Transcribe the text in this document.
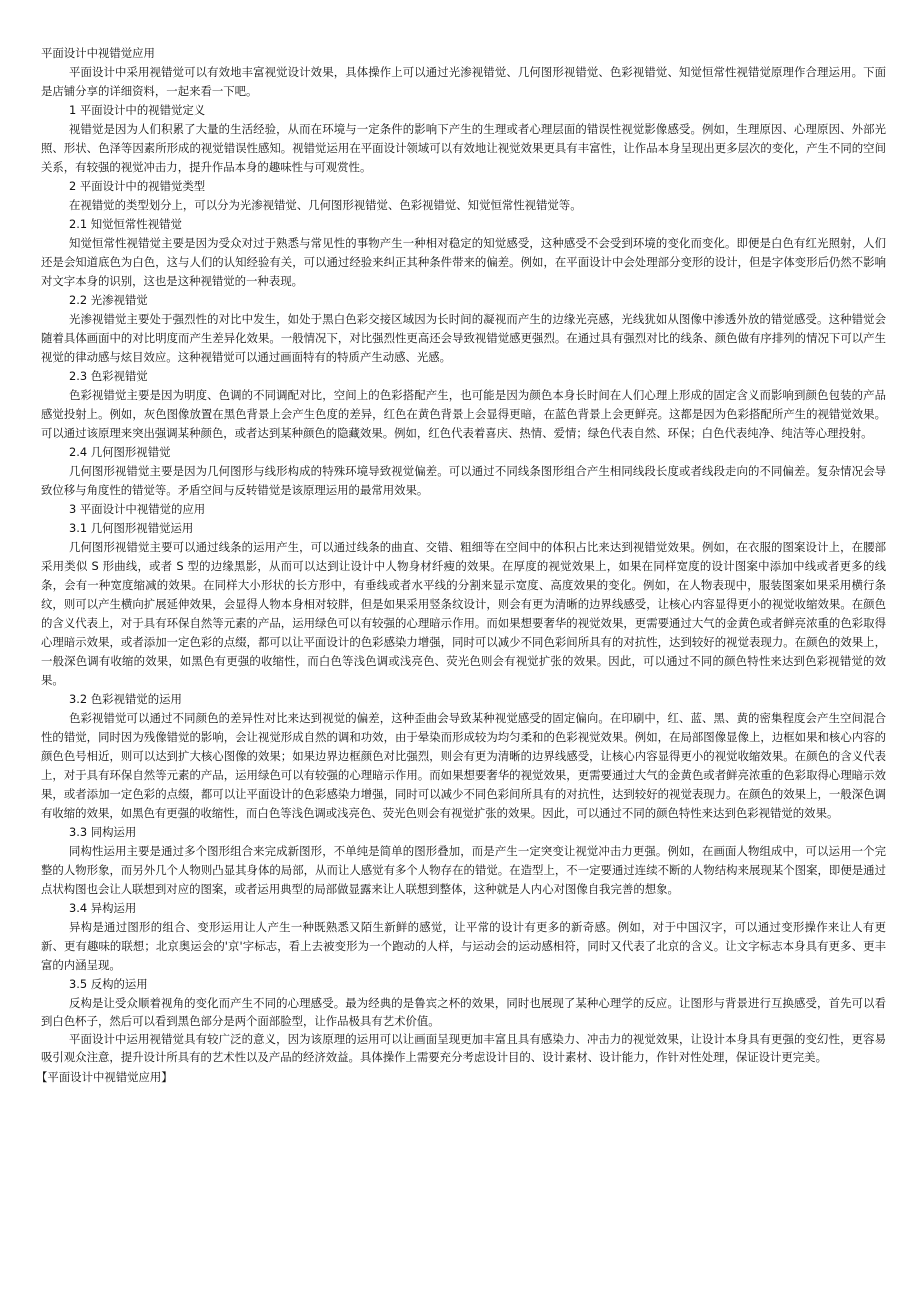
平面设计中视错觉应用

平面设计中采用视错觉可以有效地丰富视觉设计效果，具体操作上可以通过光渗视错觉、几何图形视错觉、色彩视错觉、知觉恒常性视错觉原理作合理运用。下面是店铺分享的详细资料，一起来看一下吧。

1 平面设计中的视错觉定义

视错觉是因为人们积累了大量的生活经验，从而在环境与一定条件的影响下产生的生理或者心理层面的错误性视觉影像感受。例如，生理原因、心理原因、外部光照、形状、色泽等因素所形成的视觉错误性感知。视错觉运用在平面设计领域可以有效地让视觉效果更具有丰富性，让作品本身呈现出更多层次的变化，产生不同的空间关系，有较强的视觉冲击力，提升作品本身的趣味性与可观赏性。

2 平面设计中的视错觉类型

在视错觉的类型划分上，可以分为光渗视错觉、几何图形视错觉、色彩视错觉、知觉恒常性视错觉等。

2.1 知觉恒常性视错觉

知觉恒常性视错觉主要是因为受众对过于熟悉与常见性的事物产生一种相对稳定的知觉感受，这种感受不会受到环境的变化而变化。即便是白色有红光照射，人们还是会知道底色为白色，这与人们的认知经验有关，可以通过经验来纠正其种条件带来的偏差。例如，在平面设计中会处理部分变形的设计，但是字体变形后仍然不影响对文字本身的识别，这也是这种视错觉的一种表现。

2.2 光渗视错觉

光渗视错觉主要处于强烈性的对比中发生，如处于黑白色彩交接区域因为长时间的凝视而产生的边缘光亮感，光线犹如从图像中渗透外放的错觉感受。这种错觉会随着具体画面中的对比明度而产生差异化效果。一般情况下，对比强烈性更高还会导致视错觉感更强烈。在通过具有强烈对比的线条、颜色做有序排列的情况下可以产生视觉的律动感与炫目效应。这种视错觉可以通过画面特有的特质产生动感、光感。

2.3 色彩视错觉

色彩视错觉主要是因为明度、色调的不同调配对比，空间上的色彩搭配产生，也可能是因为颜色本身长时间在人们心理上形成的固定含义而影响到颜色包装的产品感觉投射上。例如，灰色图像放置在黑色背景上会产生色度的差异，红色在黄色背景上会显得更暗，在蓝色背景上会更鲜亮。这都是因为色彩搭配所产生的视错觉效果。可以通过该原理来突出强调某种颜色，或者达到某种颜色的隐藏效果。例如，红色代表着喜庆、热情、爱情；绿色代表自然、环保；白色代表纯净、纯洁等心理投射。

2.4 几何图形视错觉

几何图形视错觉主要是因为几何图形与线形构成的特殊环境导致视觉偏差。可以通过不同线条图形组合产生相同线段长度或者线段走向的不同偏差。复杂情况会导致位移与角度性的错觉等。矛盾空间与反转错觉是该原理运用的最常用效果。

3 平面设计中视错觉的应用

3.1 几何图形视错觉运用

几何图形视错觉主要可以通过线条的运用产生，可以通过线条的曲直、交错、粗细等在空间中的体积占比来达到视错觉效果。例如，在衣服的图案设计上，在腰部采用类似 S 形曲线，或者 S 型的边缘黑影，从而可以达到让设计中人物身材纤瘦的效果。在厚度的视觉效果上，如果在同样宽度的设计图案中添加中线或者更多的线条，会有一种宽度缩减的效果。在同样大小形状的长方形中，有垂线或者水平线的分割来显示宽度、高度效果的变化。例如，在人物表现中，服装图案如果采用横行条纹，则可以产生横向扩展延伸效果，会显得人物本身相对较胖，但是如果采用竖条纹设计，则会有更为清晰的边界线感受，让核心内容显得更小的视觉收缩效果。在颜色的含义代表上，对于具有环保自然等元素的产品，运用绿色可以有较强的心理暗示作用。而如果想要奢华的视觉效果，更需要通过大气的金黄色或者鲜亮浓重的色彩取得心理暗示效果，或者添加一定色彩的点缀，都可以让平面设计的色彩感染力增强，同时可以减少不同色彩间所具有的对抗性，达到较好的视觉表现力。在颜色的效果上，一般深色调有收缩的效果，如黑色有更强的收缩性，而白色等浅色调或浅亮色、荧光色则会有视觉扩张的效果。因此，可以通过不同的颜色特性来达到色彩视错觉的效果。

3.2 色彩视错觉的运用

色彩视错觉可以通过不同颜色的差异性对比来达到视觉的偏差，这种歪曲会导致某种视觉感受的固定偏向。在印刷中，红、蓝、黑、黄的密集程度会产生空间混合性的错觉，同时因为残像错觉的影响，会让视觉形成自然的调和功效，由于晕染而形成较为均匀柔和的色彩视觉效果。例如，在局部图像显像上，边框如果和核心内容的颜色色号相近，则可以达到扩大核心图像的效果；如果边界边框颜色对比强烈，则会有更为清晰的边界线感受，让核心内容显得更小的视觉收缩效果。在颜色的含义代表上，对于具有环保自然等元素的产品，运用绿色可以有较强的心理暗示作用。而如果想要奢华的视觉效果，更需要通过大气的金黄色或者鲜亮浓重的色彩取得心理暗示效果，或者添加一定色彩的点缀，都可以让平面设计的色彩感染力增强，同时可以减少不同色彩间所具有的对抗性，达到较好的视觉表现力。在颜色的效果上，一般深色调有收缩的效果，如黑色有更强的收缩性，而白色等浅色调或浅亮色、荧光色则会有视觉扩张的效果。因此，可以通过不同的颜色特性来达到色彩视错觉的效果。

3.3 同构运用

同构性运用主要是通过多个图形组合来完成新图形，不单纯是简单的图形叠加，而是产生一定突变让视觉冲击力更强。例如，在画面人物组成中，可以运用一个完整的人物形象，而另外几个人物则凸显其身体的局部，从而让人感觉有多个人物存在的错觉。在造型上，不一定要通过连续不断的人物结构来展现某个图案，即便是通过点状构图也会让人联想到对应的图案，或者运用典型的局部做显露来让人联想到整体，这种就是人内心对图像自我完善的想象。

3.4 异构运用

异构是通过图形的组合、变形运用让人产生一种既熟悉又陌生新鲜的感觉，让平常的设计有更多的新奇感。例如，对于中国汉字，可以通过变形操作来让人有更新、更有趣味的联想；北京奥运会的'京'字标志，看上去被变形为一个跑动的人样，与运动会的运动感相符，同时又代表了北京的含义。让文字标志本身具有更多、更丰富的内涵呈现。

3.5 反构的运用

反构是让受众顺着视角的变化而产生不同的心理感受。最为经典的是鲁宾之杯的效果，同时也展现了某种心理学的反应。让图形与背景进行互换感受，首先可以看到白色杯子，然后可以看到黑色部分是两个面部脸型，让作品极具有艺术价值。

平面设计中运用视错觉具有较广泛的意义，因为该原理的运用可以让画面呈现更加丰富且具有感染力、冲击力的视觉效果，让设计本身具有更强的变幻性，更容易吸引观众注意，提升设计所具有的艺术性以及产品的经济效益。具体操作上需要充分考虑设计目的、设计素材、设计能力，作针对性处理，保证设计更完美。

【平面设计中视错觉应用】
